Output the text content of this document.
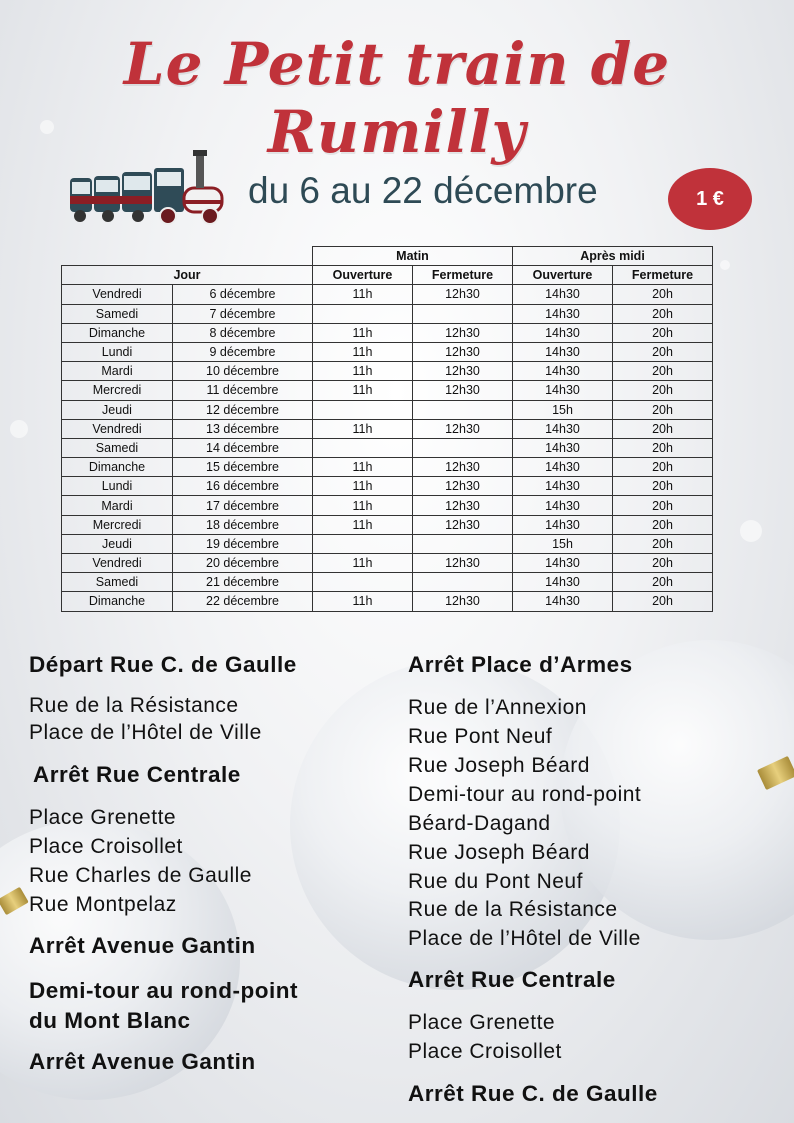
Le Petit train de Rumilly
du 6 au 22 décembre	1 €
		Matin		Après midi	
Jour		Ouverture	Fermeture	Ouverture	Fermeture
Vendredi	6 décembre	11h	12h30	14h30	20h
Samedi	7 décembre			14h30	20h
Dimanche	8 décembre	11h	12h30	14h30	20h
Lundi	9 décembre	11h	12h30	14h30	20h
Mardi	10 décembre	11h	12h30	14h30	20h
Mercredi	11 décembre	11h	12h30	14h30	20h
Jeudi	12 décembre			15h	20h
Vendredi	13 décembre	11h	12h30	14h30	20h
Samedi	14 décembre			14h30	20h
Dimanche	15 décembre	11h	12h30	14h30	20h
Lundi	16 décembre	11h	12h30	14h30	20h
Mardi	17 décembre	11h	12h30	14h30	20h
Mercredi	18 décembre	11h	12h30	14h30	20h
Jeudi	19 décembre			15h	20h
Vendredi	20 décembre	11h	12h30	14h30	20h
Samedi	21 décembre			14h30	20h
Dimanche	22 décembre	11h	12h30	14h30	20h
Départ Rue C. de Gaulle
Rue de la Résistance
Place de l’Hôtel de Ville
Arrêt Rue Centrale
Place Grenette
Place Croisollet
Rue Charles de Gaulle
Rue Montpelaz
Arrêt Avenue Gantin
Demi-tour au rond-point
du Mont Blanc
Arrêt Avenue Gantin
Arrêt Place d’Armes
Rue de l’Annexion
Rue Pont Neuf
Rue Joseph Béard
Demi-tour au rond-point
Béard-Dagand
Rue Joseph Béard
Rue du Pont Neuf
Rue de la Résistance
Place de l’Hôtel de Ville
Arrêt Rue Centrale
Place Grenette
Place Croisollet
Arrêt Rue C. de Gaulle
